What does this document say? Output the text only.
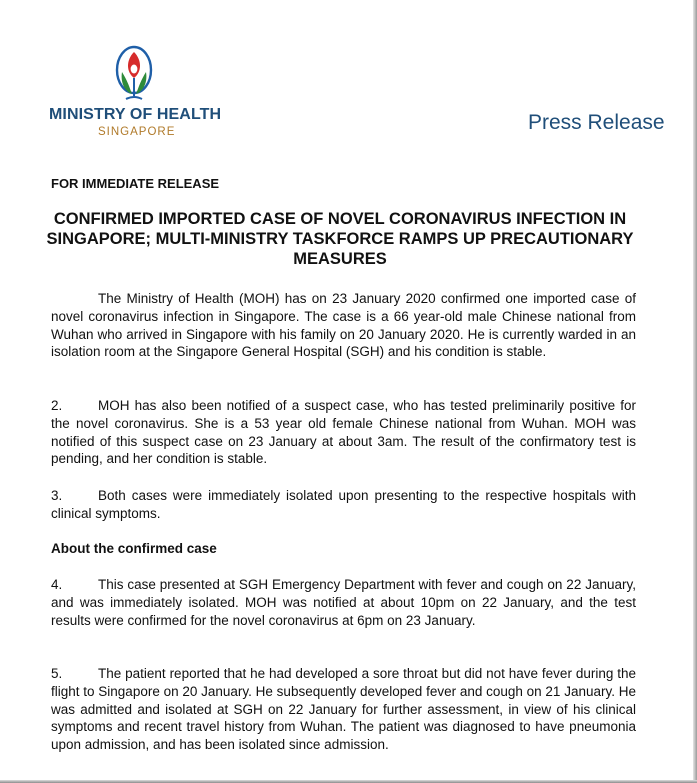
MINISTRY OF HEALTH
SINGAPORE	Press Release
FOR IMMEDIATE RELEASE
CONFIRMED IMPORTED CASE OF NOVEL CORONAVIRUS INFECTION IN SINGAPORE; MULTI-MINISTRY TASKFORCE RAMPS UP PRECAUTIONARY MEASURES

The Ministry of Health (MOH) has on 23 January 2020 confirmed one imported case of novel coronavirus infection in Singapore. The case is a 66 year-old male Chinese national from Wuhan who arrived in Singapore with his family on 20 January 2020. He is currently warded in an isolation room at the Singapore General Hospital (SGH) and his condition is stable.

2.	MOH has also been notified of a suspect case, who has tested preliminarily positive for the novel coronavirus. She is a 53 year old female Chinese national from Wuhan. MOH was notified of this suspect case on 23 January at about 3am. The result of the confirmatory test is pending, and her condition is stable.

3.	Both cases were immediately isolated upon presenting to the respective hospitals with clinical symptoms.

About the confirmed case

4.	This case presented at SGH Emergency Department with fever and cough on 22 January, and was immediately isolated. MOH was notified at about 10pm on 22 January, and the test results were confirmed for the novel coronavirus at 6pm on 23 January.

5.	The patient reported that he had developed a sore throat but did not have fever during the flight to Singapore on 20 January. He subsequently developed fever and cough on 21 January. He was admitted and isolated at SGH on 22 January for further assessment, in view of his clinical symptoms and recent travel history from Wuhan. The patient was diagnosed to have pneumonia upon admission, and has been isolated since admission.
